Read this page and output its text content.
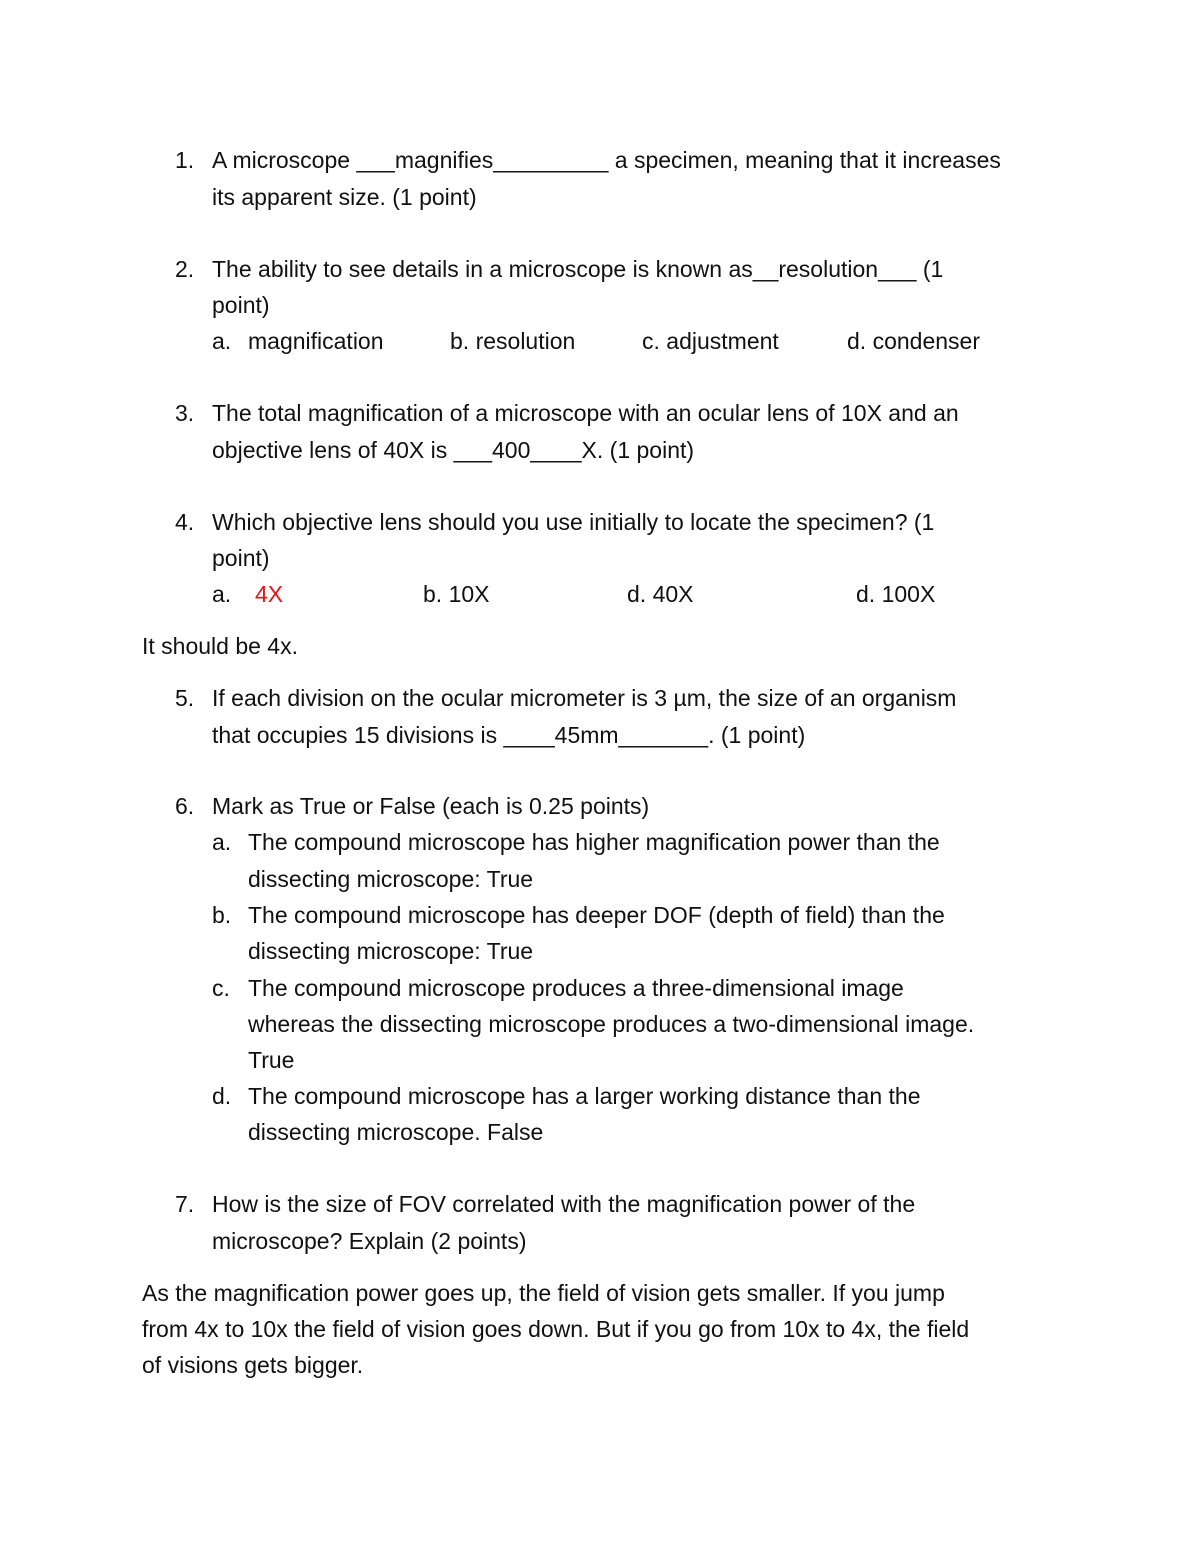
1. A microscope ___magnifies_________ a specimen, meaning that it increases
its apparent size. (1 point)
2. The ability to see details in a microscope is known as__resolution___ (1
point)
a. magnification	b. resolution	c. adjustment	d. condenser
3. The total magnification of a microscope with an ocular lens of 10X and an
objective lens of 40X is ___400____X. (1 point)
4. Which objective lens should you use initially to locate the specimen? (1
point)
a. 4X	b. 10X	d. 40X	d. 100X
It should be 4x.
5. If each division on the ocular micrometer is 3 µm, the size of an organism
that occupies 15 divisions is ____45mm_______. (1 point)
6. Mark as True or False (each is 0.25 points)
a. The compound microscope has higher magnification power than the
dissecting microscope: True
b. The compound microscope has deeper DOF (depth of field) than the
dissecting microscope: True
c. The compound microscope produces a three-dimensional image
whereas the dissecting microscope produces a two-dimensional image.
True
d. The compound microscope has a larger working distance than the
dissecting microscope. False
7. How is the size of FOV correlated with the magnification power of the
microscope? Explain (2 points)
As the magnification power goes up, the field of vision gets smaller. If you jump
from 4x to 10x the field of vision goes down. But if you go from 10x to 4x, the field
of visions gets bigger.
